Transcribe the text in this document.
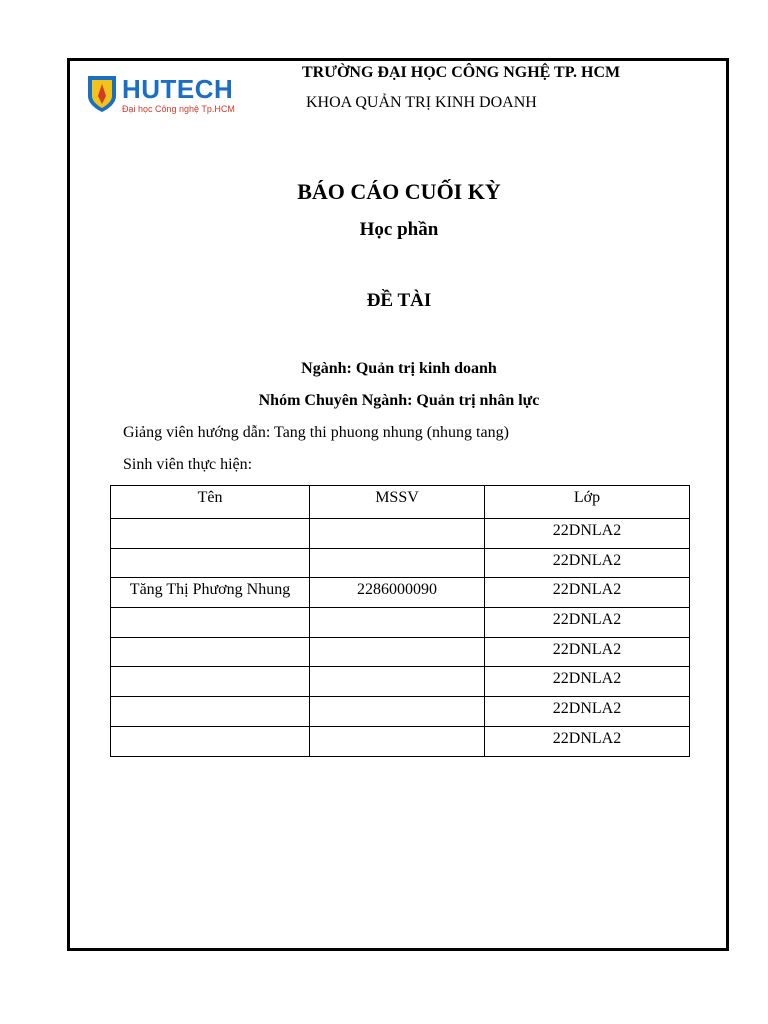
HUTECH
Đại học Công nghệ Tp.HCM
TRƯỜNG ĐẠI HỌC CÔNG NGHỆ TP. HCM
KHOA QUẢN TRỊ KINH DOANH
BÁO CÁO CUỐI KỲ
Học phần
ĐỀ TÀI
Ngành: Quản trị kinh doanh
Nhóm Chuyên Ngành: Quản trị nhân lực
Giảng viên hướng dẫn: Tang thi phuong nhung (nhung tang)
Sinh viên thực hiện:
Tên	MSSV	Lớp
		22DNLA2
		22DNLA2
Tăng Thị Phương Nhung	2286000090	22DNLA2
		22DNLA2
		22DNLA2
		22DNLA2
		22DNLA2
		22DNLA2
